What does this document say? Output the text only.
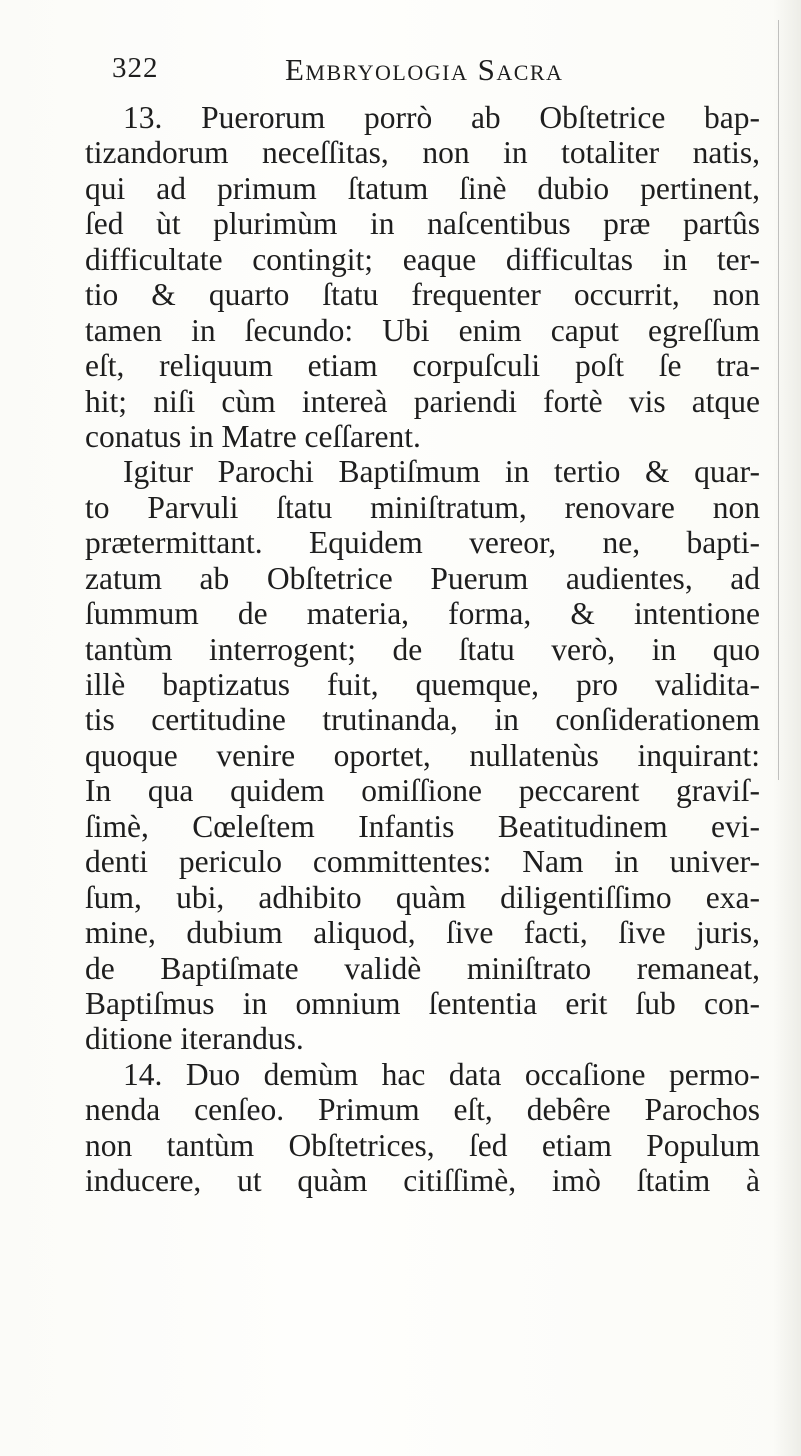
322	Embryologia Sacra
13. Puerorum porrò ab Obſtetrice bap-
tizandorum neceſſitas, non in totaliter natis,
qui ad primum ſtatum ſinè dubio pertinent,
ſed ùt plurimùm in naſcentibus præ partûs
difficultate contingit; eaque difficultas in ter-
tio & quarto ſtatu frequenter occurrit, non
tamen in ſecundo: Ubi enim caput egreſſum
eſt, reliquum etiam corpuſculi poſt ſe tra-
hit; niſi cùm intereà pariendi fortè vis atque
conatus in Matre ceſſarent.
Igitur Parochi Baptiſmum in tertio & quar-
to Parvuli ſtatu miniſtratum, renovare non
prætermittant. Equidem vereor, ne, bapti-
zatum ab Obſtetrice Puerum audientes, ad
ſummum de materia, forma, & intentione
tantùm interrogent; de ſtatu verò, in quo
illè baptizatus fuit, quemque, pro validita-
tis certitudine trutinanda, in conſiderationem
quoque venire oportet, nullatenùs inquirant:
In qua quidem omiſſione peccarent graviſ-
ſimè, Cœleſtem Infantis Beatitudinem evi-
denti periculo committentes: Nam in univer-
ſum, ubi, adhibito quàm diligentiſſimo exa-
mine, dubium aliquod, ſive facti, ſive juris,
de Baptiſmate validè miniſtrato remaneat,
Baptiſmus in omnium ſententia erit ſub con-
ditione iterandus.
14. Duo demùm hac data occaſione permo-
nenda cenſeo. Primum eſt, debêre Parochos
non tantùm Obſtetrices, ſed etiam Populum
inducere, ut quàm citiſſimè, imò ſtatim à
